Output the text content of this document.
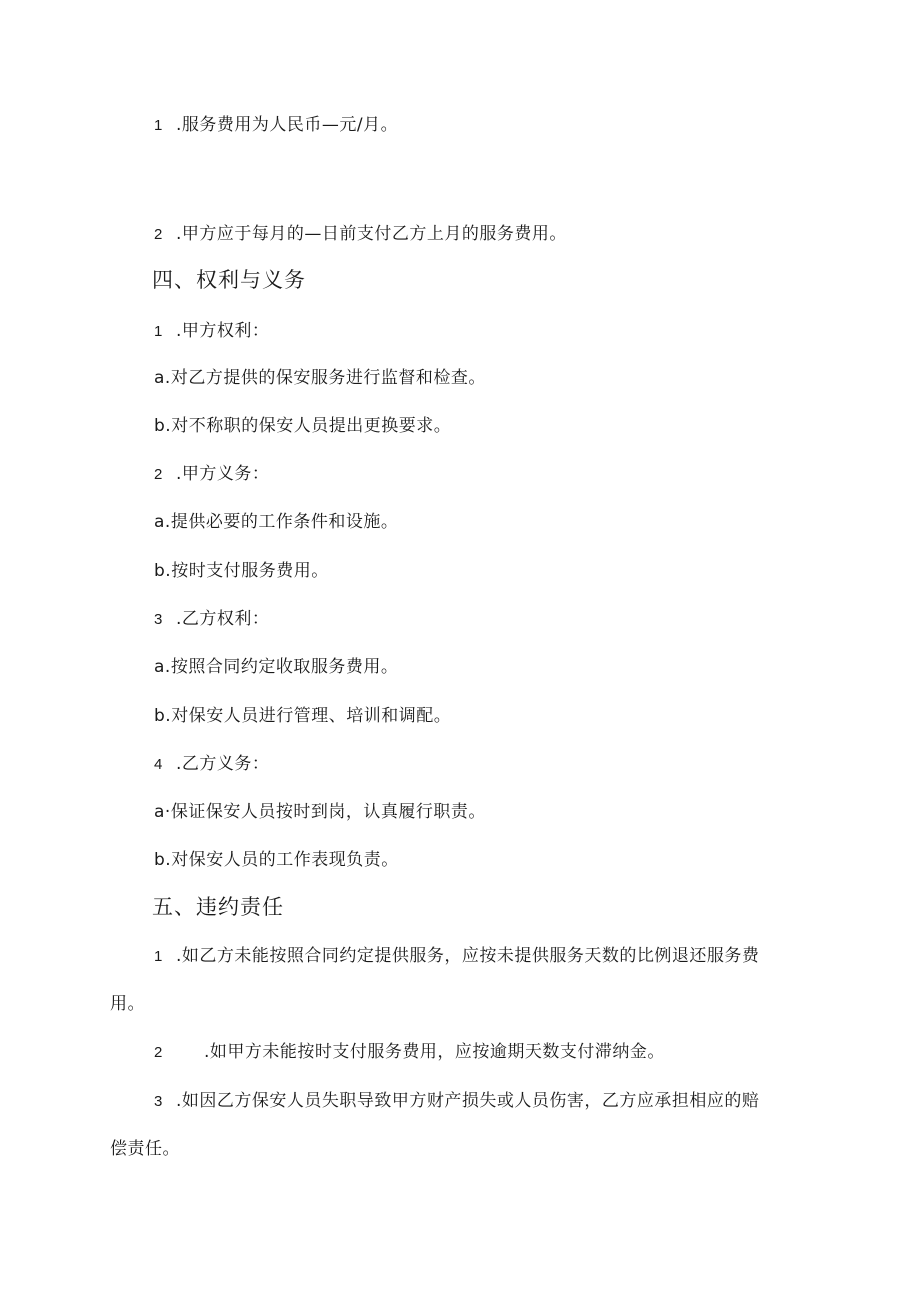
1 .服务费用为人民币—元/月。
2 .甲方应于每月的—日前支付乙方上月的服务费用。
四、权利与义务
1 .甲方权利：
a.对乙方提供的保安服务进行监督和检查。
b.对不称职的保安人员提出更换要求。
2 .甲方义务：
a.提供必要的工作条件和设施。
b.按时支付服务费用。
3 .乙方权利：
a.按照合同约定收取服务费用。
b.对保安人员进行管理、培训和调配。
4 .乙方义务：
a·保证保安人员按时到岗，认真履行职责。
b.对保安人员的工作表现负责。
五、违约责任
1 .如乙方未能按照合同约定提供服务，应按未提供服务天数的比例退还服务费
用。
2 .如甲方未能按时支付服务费用，应按逾期天数支付滞纳金。
3 .如因乙方保安人员失职导致甲方财产损失或人员伤害，乙方应承担相应的赔
偿责任。
